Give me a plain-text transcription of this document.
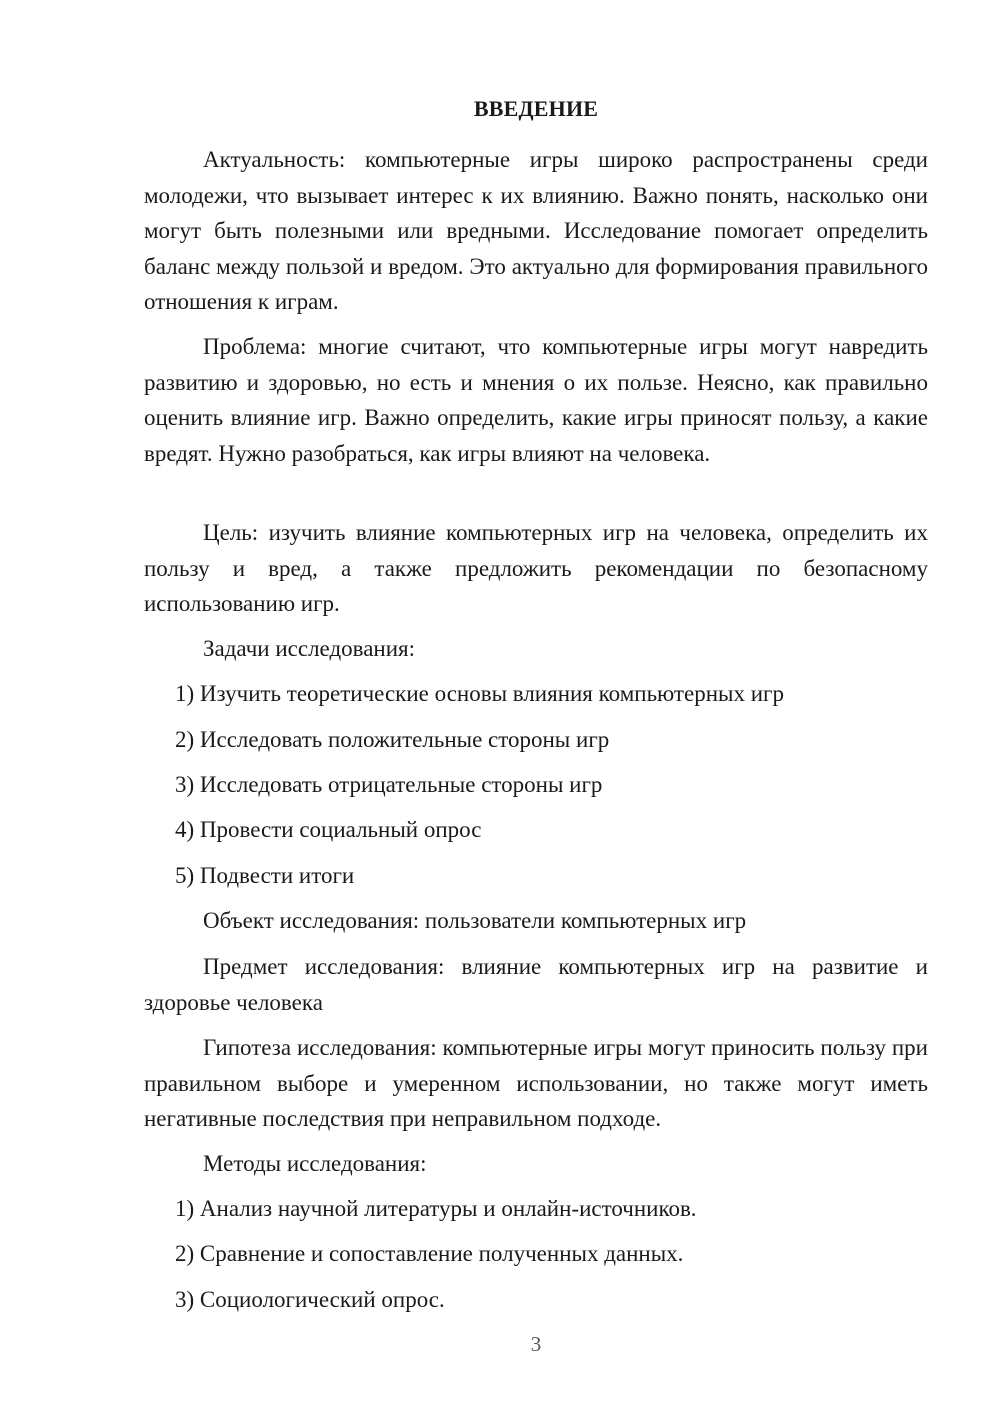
ВВЕДЕНИЕ

Актуальность: компьютерные игры широко распространены среди молодежи, что вызывает интерес к их влиянию. Важно понять, насколько они могут быть полезными или вредными. Исследование помогает определить баланс между пользой и вредом. Это актуально для формирования правильного отношения к играм.

Проблема: многие считают, что компьютерные игры могут навредить развитию и здоровью, но есть и мнения о их пользе. Неясно, как правильно оценить влияние игр. Важно определить, какие игры приносят пользу, а какие вредят. Нужно разобраться, как игры влияют на человека.

Цель: изучить влияние компьютерных игр на человека, определить их пользу и вред, а также предложить рекомендации по безопасному использованию игр.

Задачи исследования:

1) Изучить теоретические основы влияния компьютерных игр

2) Исследовать положительные стороны игр

3) Исследовать отрицательные стороны игр

4) Провести социальный опрос

5) Подвести итоги

Объект исследования: пользователи компьютерных игр

Предмет исследования: влияние компьютерных игр на развитие и здоровье человека

Гипотеза исследования: компьютерные игры могут приносить пользу при правильном выборе и умеренном использовании, но также могут иметь негативные последствия при неправильном подходе.

Методы исследования:

1) Анализ научной литературы и онлайн-источников.

2) Сравнение и сопоставление полученных данных.

3) Социологический опрос.

3
